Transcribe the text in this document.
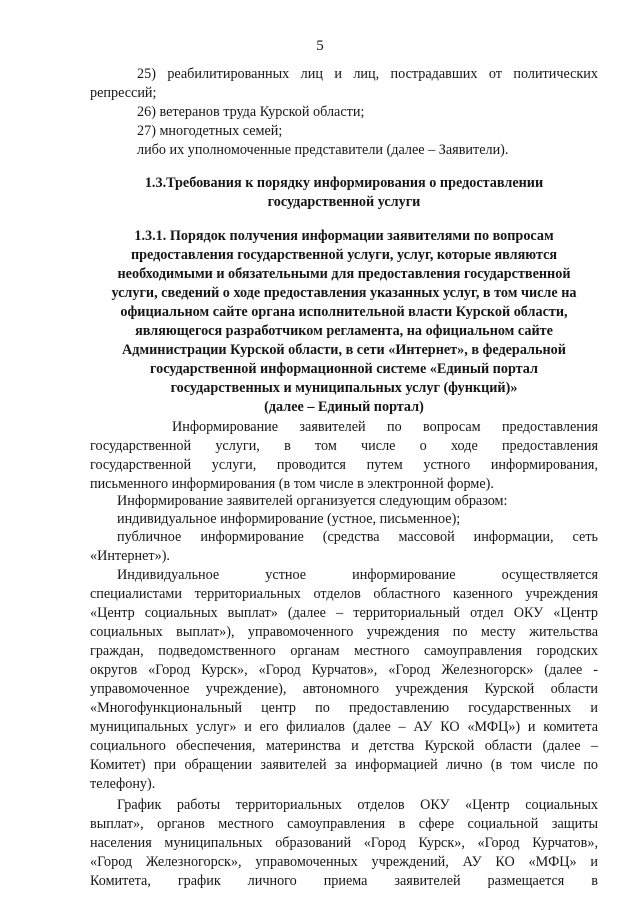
5
25) реабилитированных лиц и лиц, пострадавших от политических
репрессий;
26) ветеранов труда Курской области;
27) многодетных семей;
либо их уполномоченные представители (далее – Заявители).
1.3.Требования к порядку информирования о предоставлении
государственной услуги
1.3.1. Порядок получения информации заявителями по вопросам
предоставления государственной услуги, услуг, которые являются
необходимыми и обязательными для предоставления государственной
услуги, сведений о ходе предоставления указанных услуг, в том числе на
официальном сайте органа исполнительной власти Курской области,
являющегося разработчиком регламента, на официальном сайте
Администрации Курской области, в сети «Интернет», в федеральной
государственной информационной системе «Единый портал
государственных и муниципальных услуг (функций)»
(далее – Единый портал)
Информирование заявителей по вопросам предоставления
государственной услуги, в том числе о ходе предоставления
государственной услуги, проводится путем устного информирования,
письменного информирования (в том числе в электронной форме).
Информирование заявителей организуется следующим образом:
индивидуальное информирование (устное, письменное);
публичное информирование (средства массовой информации, сеть
«Интернет»).
Индивидуальное устное информирование осуществляется
специалистами территориальных отделов областного казенного учреждения
«Центр социальных выплат» (далее – территориальный отдел ОКУ «Центр
социальных выплат»), управомоченного учреждения по месту жительства
граждан, подведомственного органам местного самоуправления городских
округов «Город Курск», «Город Курчатов», «Город Железногорск» (далее -
управомоченное учреждение), автономного учреждения Курской области
«Многофункциональный центр по предоставлению государственных и
муниципальных услуг» и его филиалов (далее – АУ КО «МФЦ») и комитета
социального обеспечения, материнства и детства Курской области (далее –
Комитет) при обращении заявителей за информацией лично (в том числе по
телефону).
График работы территориальных отделов ОКУ «Центр социальных
выплат», органов местного самоуправления в сфере социальной защиты
населения муниципальных образований «Город Курск», «Город Курчатов»,
«Город Железногорск», управомоченных учреждений, АУ КО «МФЦ» и
Комитета, график личного приема заявителей размещается в
